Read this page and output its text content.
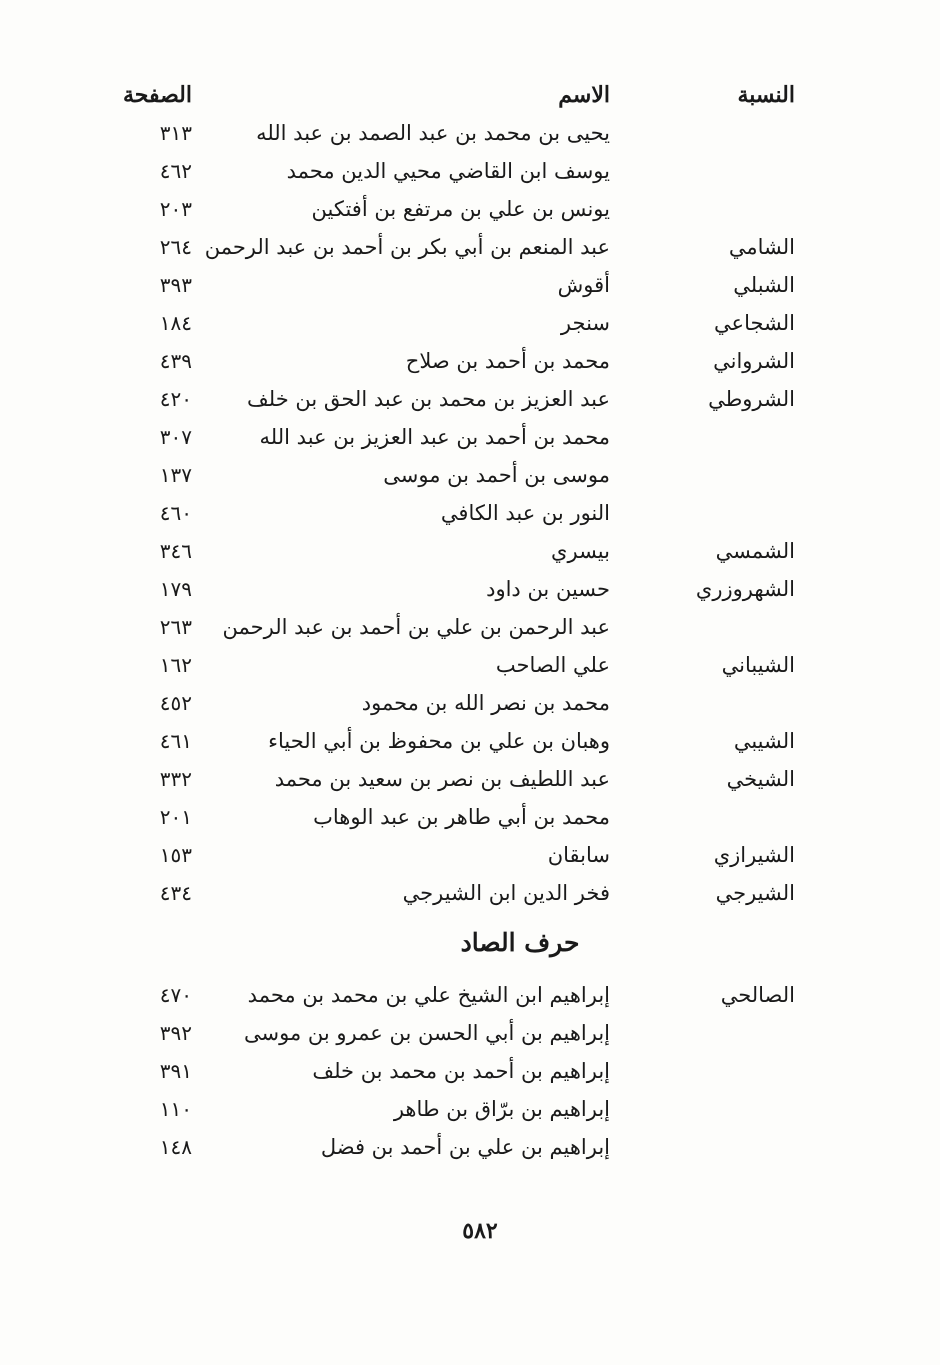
النسبة
الاسم
الصفحة
يحيى بن محمد بن عبد الصمد بن عبد الله
٣١٣
يوسف ابن القاضي محيي الدين محمد
٤٦٢
يونس بن علي بن مرتفع بن أفتكين
٢٠٣
الشامي
عبد المنعم بن أبي بكر بن أحمد بن عبد الرحمن
٢٦٤
الشبلي
أقوش
٣٩٣
الشجاعي
سنجر
١٨٤
الشرواني
محمد بن أحمد بن صلاح
٤٣٩
الشروطي
عبد العزيز بن محمد بن عبد الحق بن خلف
٤٢٠
محمد بن أحمد بن عبد العزيز بن عبد الله
٣٠٧
موسى بن أحمد بن موسى
١٣٧
النور بن عبد الكافي
٤٦٠
الشمسي
بيسري
٣٤٦
الشهروزري
حسين بن داود
١٧٩
عبد الرحمن بن علي بن أحمد بن عبد الرحمن
٢٦٣
الشيباني
علي الصاحب
١٦٢
محمد بن نصر الله بن محمود
٤٥٢
الشيبي
وهبان بن علي بن محفوظ بن أبي الحياء
٤٦١
الشيخي
عبد اللطيف بن نصر بن سعيد بن محمد
٣٣٢
محمد بن أبي طاهر بن عبد الوهاب
٢٠١
الشيرازي
سابقان
١٥٣
الشيرجي
فخر الدين ابن الشيرجي
٤٣٤
حرف الصاد
الصالحي
إبراهيم ابن الشيخ علي بن محمد بن محمد
٤٧٠
إبراهيم بن أبي الحسن بن عمرو بن موسى
٣٩٢
إبراهيم بن أحمد بن محمد بن خلف
٣٩١
إبراهيم بن برّاق بن طاهر
١١٠
إبراهيم بن علي بن أحمد بن فضل
١٤٨
٥٨٢
